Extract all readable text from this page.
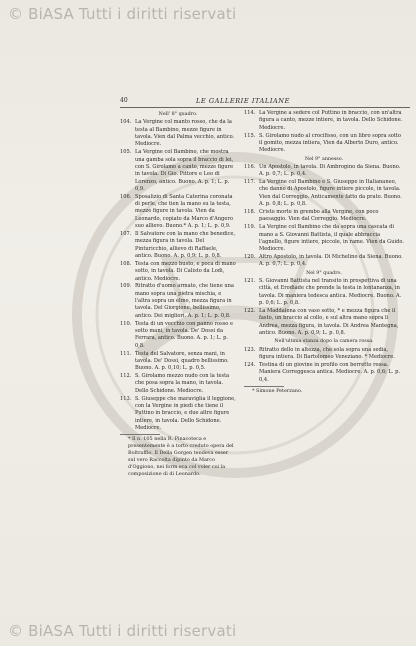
© BiASA Tutti i diritti riservati
40	LE GALLERIE ITALIANE
Nell' 8° quadro.
104. La Vergine col manto rosso, che da la testa al Bambino, mezze figure in tavola. Vien dal Palma vecchio, antico. Mediocre.
105. La Vergine col Bambino, che mostra una gamba sola sopra il braccio di lei, con S. Girolamo a canto, mezze figure in tavola. Di Gio. Pittore e Leo di Lorenzo, antico. Buono. A. p. 1; L. p. 0,9.
106. Sposalizio di Santa Caterina coronata di perle, che tien la mano su la testa, mezze figure in tavola. Vien da Leonardo, copiato da Marco d'Angero suo allievo. Buono.* A. p. 1; L. p. 0,9.
107. Il Salvatore con la mano che benedice, mezza figura in tavola. Del Pinturicchio, allievo di Raffaele, antico. Buono. A. p. 0,9; L. p. 0,8.
108. Testa con mezzo busto, e poca di mano sotto, in tavola. Di Calisto da Lodi, antico. Mediocre.
109. Ritratto d'uomo armato, che tiene una mano sopra una pietra mischia, e l'altra sopra un elmo, mezza figura in tavola. Del Giorgione, bellissimo, antico. Dei migliori. A. p. 1; L. p. 0,8.
110. Testa di un vecchio con panno rosso e sotto mani, in tavola. De' Dossi da Ferrara, antico. Buono. A. p. 1; L. p. 0,8.
111. Testa del Salvatore, senza mani, in tavola. De' Dossi, quadro bellissimo. Buono. A. p. 0,10; L. p. 0,5.
112. S. Girolamo mezzo nudo con la testa che posa sopra la mano, in tavola. Dello Schidone. Mediocre.
113. S. Giuseppe che maraviglia il leggione, con la Vergine in piedi che tiene il Puttino in braccio, e due altre figure intiere, in tavola. Dello Schidone. Mediocre.
* Il n. 105 nella R. Pinacoteca e presentemente è a torto creduto opera del Boltraffio. Il Della Gorgen tendeva esser sul vero Raccolta dipinto da Marco d'Oggiono, nei form eca col voler coi la composizione di di Leonardo.
114. La Vergine a sedere col Puttino in braccio, con un'altra figura a canto, mezze intiere, in tavola. Dello Schidone. Mediocre.
115. S. Girolamo nudo al crocifisso, con un libro sopra sotto il gomito, mezza intiera, Vien da Alberto Duro, antico. Mediocre.
Nel 9° annesso.
116. Un Apostolo, in tavola. Di Ambrogino da Siena. Buono. A. p. 0,7; L. p. 0,4.
117. La Vergine col Bambino e S. Giuseppe in Italiananeo, che danno di Apostolo, figure intiere piccole, in tavola. Vien dal Correggio. Anticamente fatto da prato. Buono. A. p. 0,8; L. p. 0,8.
118. Cristo morto in grembo alla Vergine, con poco paesaggio. Vien dal Correggio. Mediocre.
119. La Vergine col Bambino che da sopra una cascata di mano a S. Giovanni Battista, il quale abbraccia l'agnello, figure intiere, piccole, in rame. Vien da Guido. Mediocre.
120. Altro Apostolo, in tavola. Di Michelino da Siena. Buono. A. p. 0,7; L. p. 0,4.
Nel 9° quadro.
121. S. Giovanni Battista nel transito in prospettiva di una città, et Erodiade che prende la testa in lontananza, in tavola. Di maniera tedesca antica. Mediocre. Buono. A. p. 0,6; L. p. 0,8.
122. La Maddalena con vaso sotto, * e mezza figura che il fasto, un braccio al collo, e sul altra mano sopra li Andrea, mezza figura, in tavola. Di Andrea Mantegna, antico. Buono. A. p. 0,9; L. p. 0,8.
Nell'ultima stanza dopo la camera rossa.
123. Ritratto dello in altezza, che sola sopra una sedia, figura intiera. Di Bartolomeo Veneziano. * Mediocre.
124. Testina di un giovine in profilo con berretto rossa. Maniera Correggesca antica. Mediocre. A. p. 0,6; L. p. 0,4.
* Simone Peterzano.
© BiASA Tutti i diritti riservati
